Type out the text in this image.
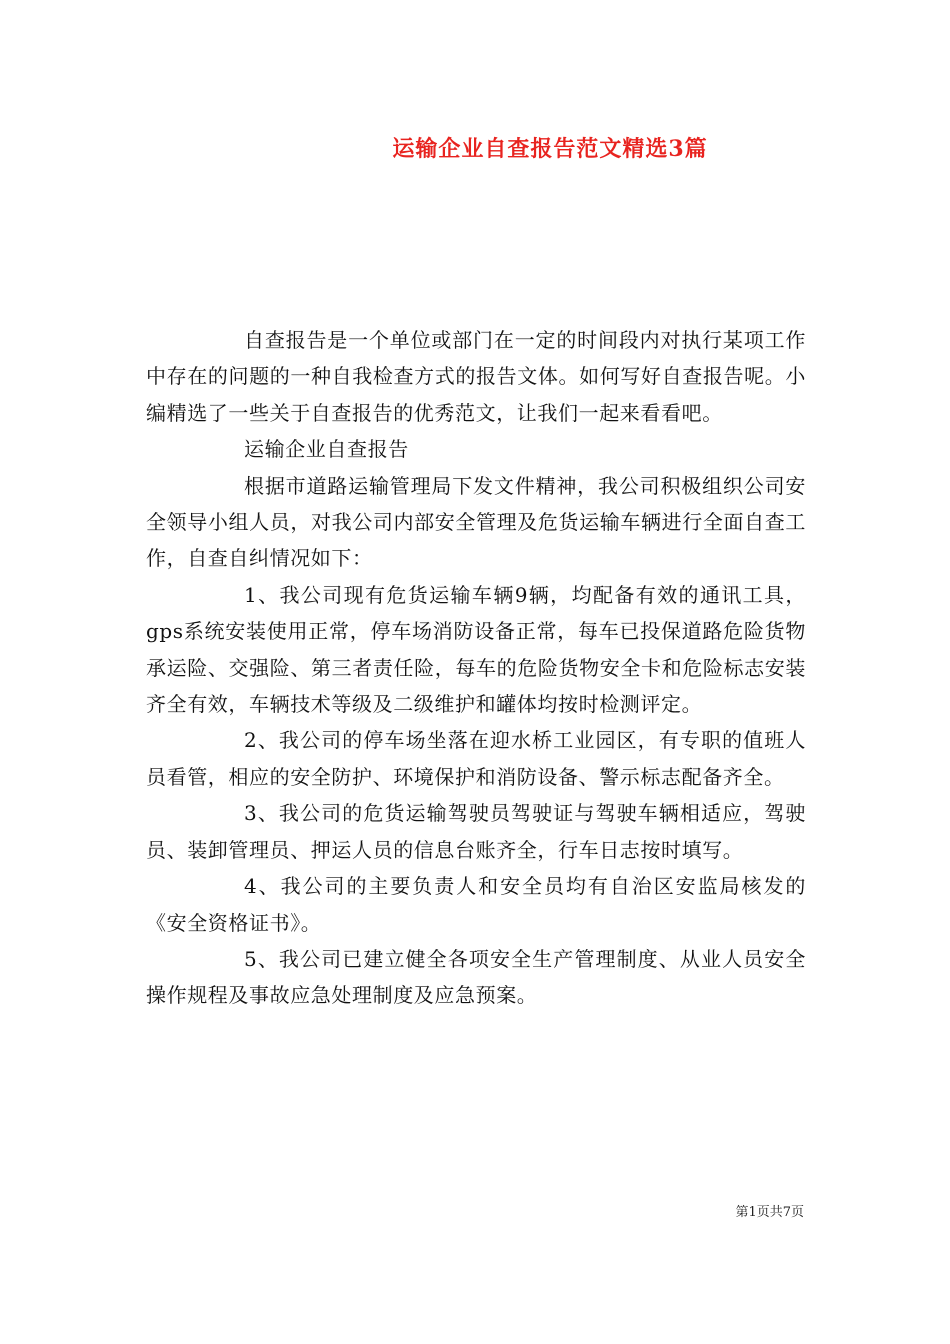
运输企业自查报告范文精选3篇

自查报告是一个单位或部门在一定的时间段内对执行某项工作中存在的问题的一种自我检查方式的报告文体。如何写好自查报告呢。小编精选了一些关于自查报告的优秀范文，让我们一起来看看吧。

运输企业自查报告

根据市道路运输管理局下发文件精神，我公司积极组织公司安全领导小组人员，对我公司内部安全管理及危货运输车辆进行全面自查工作，自查自纠情况如下：

1、我公司现有危货运输车辆9辆，均配备有效的通讯工具，gps系统安装使用正常，停车场消防设备正常，每车已投保道路危险货物承运险、交强险、第三者责任险，每车的危险货物安全卡和危险标志安装齐全有效，车辆技术等级及二级维护和罐体均按时检测评定。

2、我公司的停车场坐落在迎水桥工业园区，有专职的值班人员看管，相应的安全防护、环境保护和消防设备、警示标志配备齐全。

3、我公司的危货运输驾驶员驾驶证与驾驶车辆相适应，驾驶员、装卸管理员、押运人员的信息台账齐全，行车日志按时填写。

4、我公司的主要负责人和安全员均有自治区安监局核发的《安全资格证书》。

5、我公司已建立健全各项安全生产管理制度、从业人员安全操作规程及事故应急处理制度及应急预案。

第1页共7页
